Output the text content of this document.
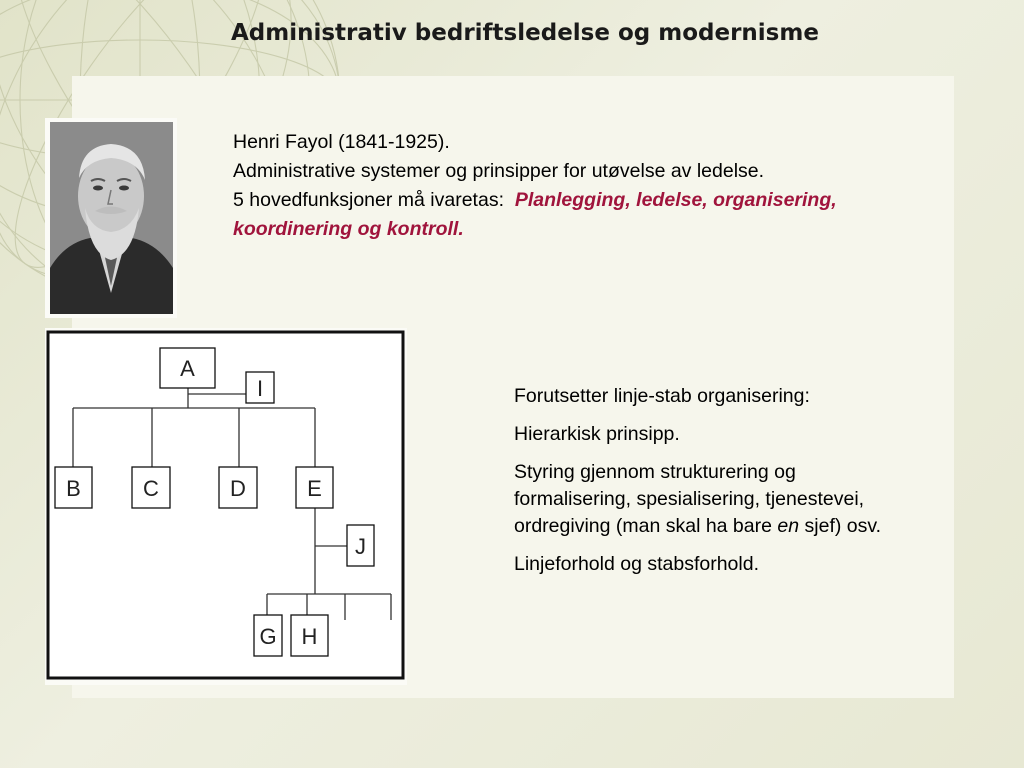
Administrativ bedriftsledelse og modernisme

Henri Fayol (1841-1925).

Administrative systemer og prinsipper for utøvelse av ledelse.

5 hovedfunksjoner må ivaretas: Planlegging, ledelse, organisering, koordinering og kontroll.

A
I
B	C	D	E
J
G H

Forutsetter linje-stab organisering:

Hierarkisk prinsipp.

Styring gjennom strukturering og formalisering, spesialisering, tjenestevei, ordregiving (man skal ha bare en sjef) osv.

Linjeforhold og stabsforhold.
